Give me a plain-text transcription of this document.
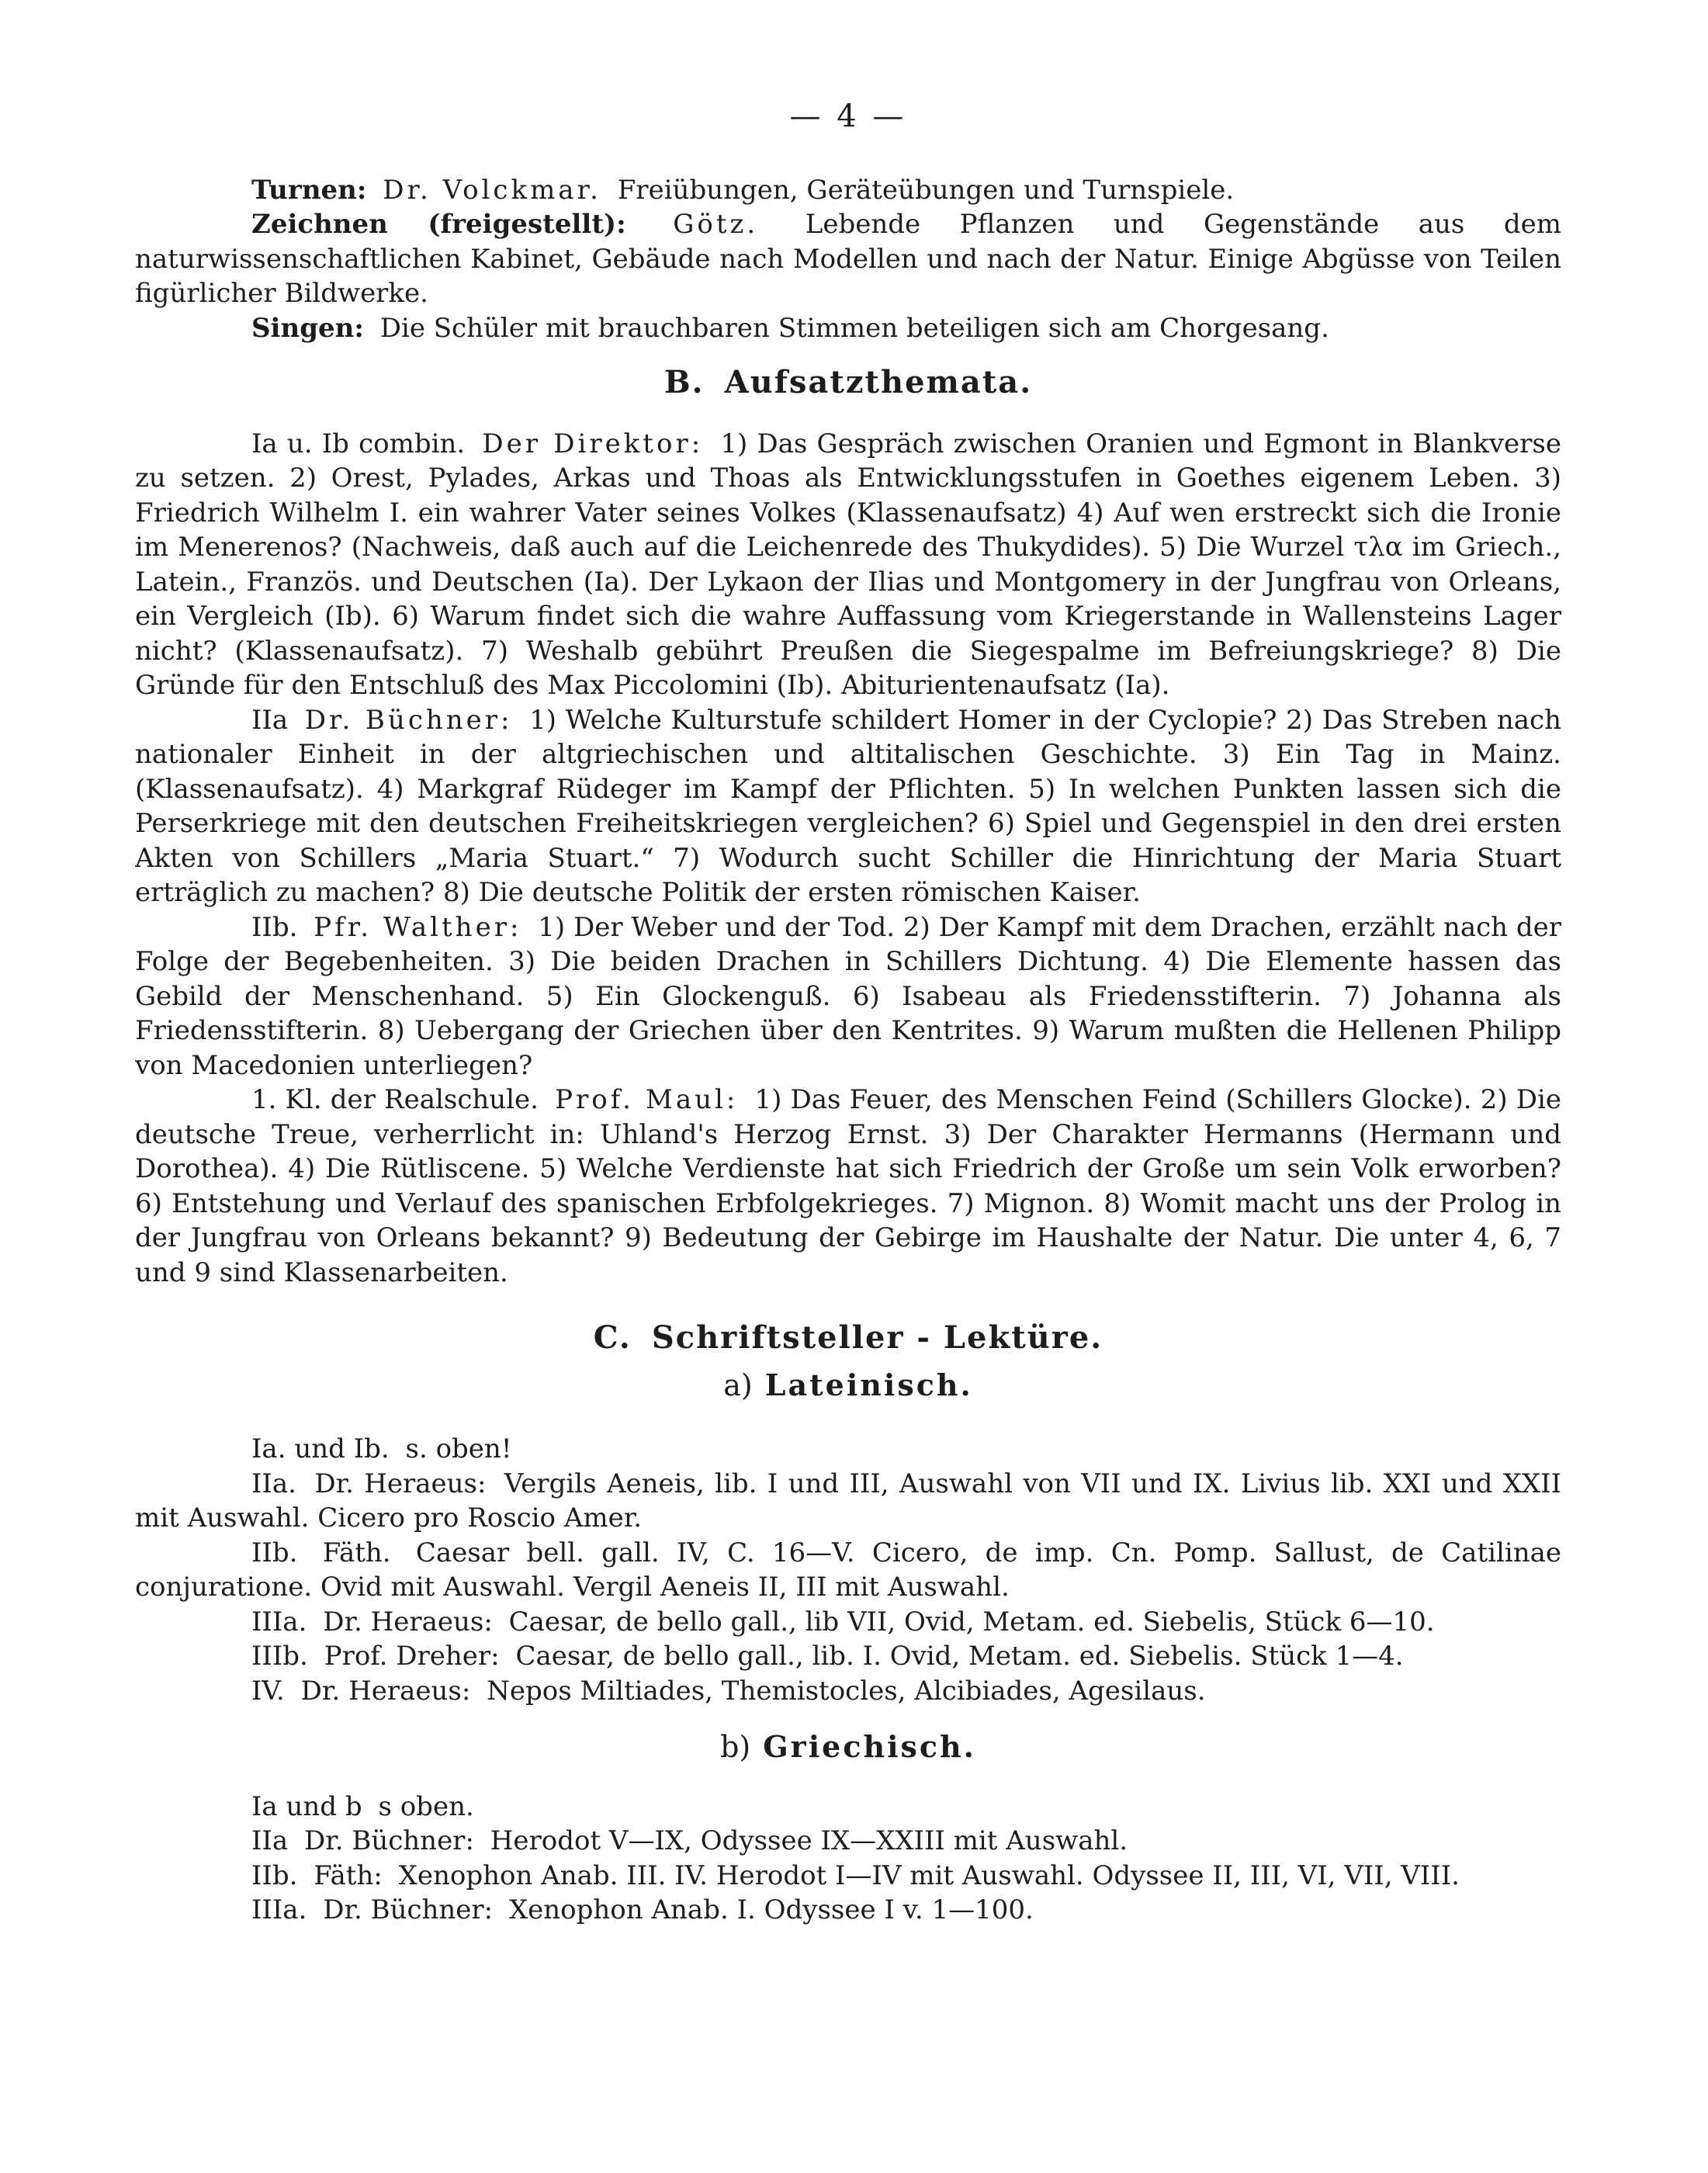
— 4 —

Turnen: Dr. Volckmar. Freiübungen, Geräteübungen und Turnspiele.

Zeichnen (freigestellt): Götz. Lebende Pflanzen und Gegenstände aus dem naturwissenschaftlichen Kabinet, Gebäude nach Modellen und nach der Natur. Einige Abgüsse von Teilen figürlicher Bildwerke.

Singen: Die Schüler mit brauchbaren Stimmen beteiligen sich am Chorgesang.

B. Aufsatzthemata.

Ia u. Ib combin. Der Direktor: 1) Das Gespräch zwischen Oranien und Egmont in Blankverse zu setzen. 2) Orest, Pylades, Arkas und Thoas als Entwicklungsstufen in Goethes eigenem Leben. 3) Friedrich Wilhelm I. ein wahrer Vater seines Volkes (Klassenaufsatz) 4) Auf wen erstreckt sich die Ironie im Menerenos? (Nachweis, daß auch auf die Leichenrede des Thukydides). 5) Die Wurzel τλα im Griech., Latein., Französ. und Deutschen (Ia). Der Lykaon der Ilias und Montgomery in der Jungfrau von Orleans, ein Vergleich (Ib). 6) Warum findet sich die wahre Auffassung vom Kriegerstande in Wallensteins Lager nicht? (Klassenaufsatz). 7) Weshalb gebührt Preußen die Siegespalme im Befreiungskriege? 8) Die Gründe für den Entschluß des Max Piccolomini (Ib). Abiturientenaufsatz (Ia).

IIa Dr. Büchner: 1) Welche Kulturstufe schildert Homer in der Cyclopie? 2) Das Streben nach nationaler Einheit in der altgriechischen und altitalischen Geschichte. 3) Ein Tag in Mainz. (Klassenaufsatz). 4) Markgraf Rüdeger im Kampf der Pflichten. 5) In welchen Punkten lassen sich die Perserkriege mit den deutschen Freiheitskriegen vergleichen? 6) Spiel und Gegenspiel in den drei ersten Akten von Schillers „Maria Stuart.“ 7) Wodurch sucht Schiller die Hinrichtung der Maria Stuart erträglich zu machen? 8) Die deutsche Politik der ersten römischen Kaiser.

IIb. Pfr. Walther: 1) Der Weber und der Tod. 2) Der Kampf mit dem Drachen, erzählt nach der Folge der Begebenheiten. 3) Die beiden Drachen in Schillers Dichtung. 4) Die Elemente hassen das Gebild der Menschenhand. 5) Ein Glockenguß. 6) Isabeau als Friedensstifterin. 7) Johanna als Friedensstifterin. 8) Uebergang der Griechen über den Kentrites. 9) Warum mußten die Hellenen Philipp von Macedonien unterliegen?

1. Kl. der Realschule. Prof. Maul: 1) Das Feuer, des Menschen Feind (Schillers Glocke). 2) Die deutsche Treue, verherrlicht in: Uhland's Herzog Ernst. 3) Der Charakter Hermanns (Hermann und Dorothea). 4) Die Rütliscene. 5) Welche Verdienste hat sich Friedrich der Große um sein Volk erworben? 6) Entstehung und Verlauf des spanischen Erbfolgekrieges. 7) Mignon. 8) Womit macht uns der Prolog in der Jungfrau von Orleans bekannt? 9) Bedeutung der Gebirge im Haushalte der Natur. Die unter 4, 6, 7 und 9 sind Klassenarbeiten.

C. Schriftsteller - Lektüre.
a) Lateinisch.

Ia. und Ib. s. oben!

IIa. Dr. Heraeus: Vergils Aeneis, lib. I und III, Auswahl von VII und IX. Livius lib. XXI und XXII mit Auswahl. Cicero pro Roscio Amer.

IIb. Fäth. Caesar bell. gall. IV, C. 16—V. Cicero, de imp. Cn. Pomp. Sallust, de Catilinae conjuratione. Ovid mit Auswahl. Vergil Aeneis II, III mit Auswahl.

IIIa. Dr. Heraeus: Caesar, de bello gall., lib VII, Ovid, Metam. ed. Siebelis, Stück 6—10.

IIIb. Prof. Dreher: Caesar, de bello gall., lib. I. Ovid, Metam. ed. Siebelis. Stück 1—4.

IV. Dr. Heraeus: Nepos Miltiades, Themistocles, Alcibiades, Agesilaus.

b) Griechisch.

Ia und b s oben.

IIa Dr. Büchner: Herodot V—IX, Odyssee IX—XXIII mit Auswahl.

IIb. Fäth: Xenophon Anab. III. IV. Herodot I—IV mit Auswahl. Odyssee II, III, VI, VII, VIII.

IIIa. Dr. Büchner: Xenophon Anab. I. Odyssee I v. 1—100.
